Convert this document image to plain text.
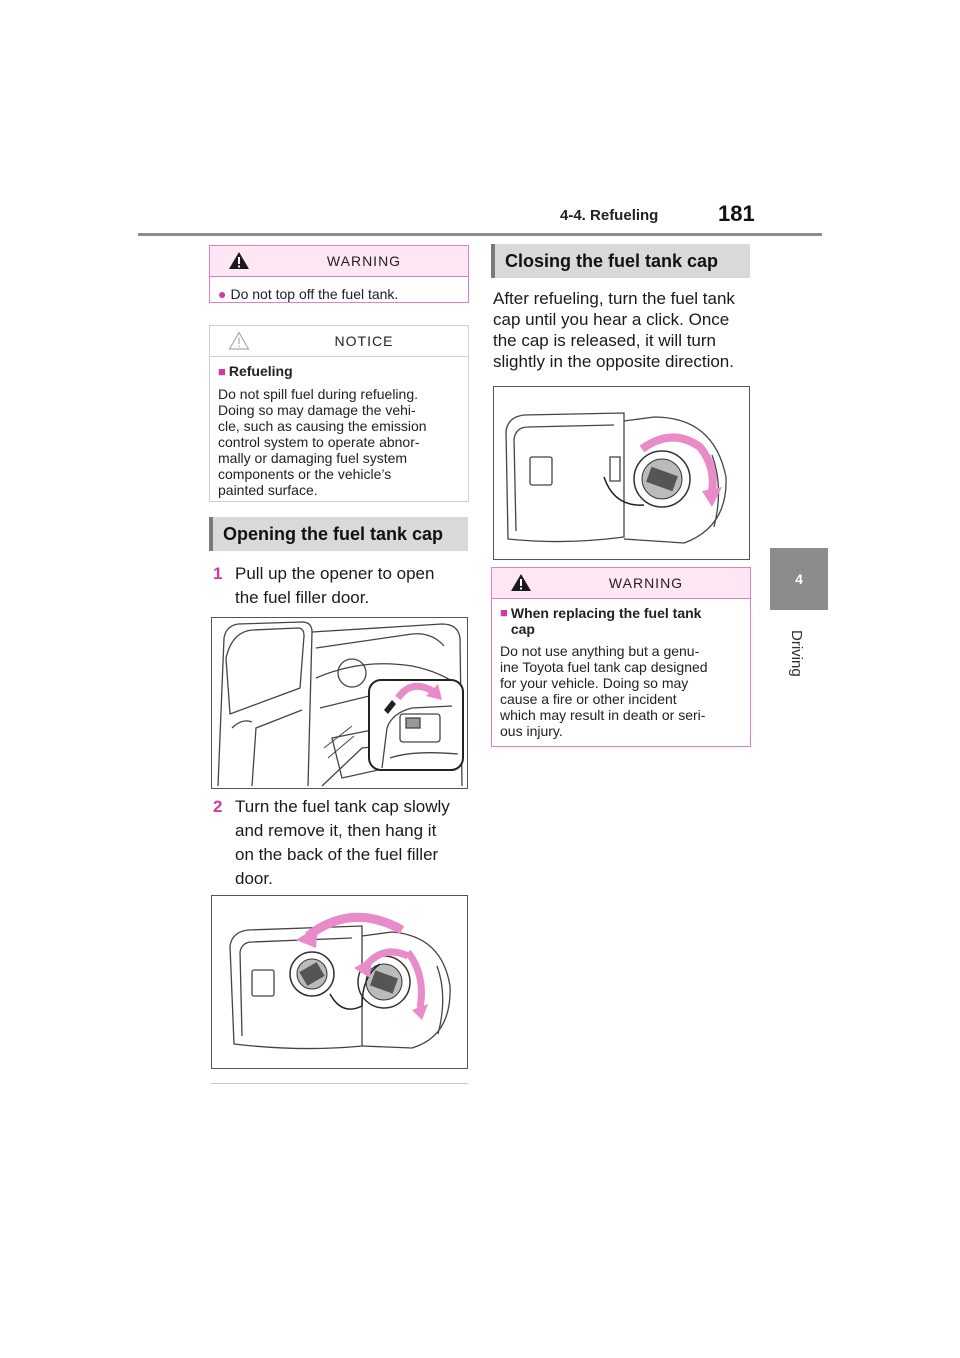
4-4. Refueling	181
4
Driving
WARNING
● Do not top off the fuel tank.
NOTICE
■ Refueling
Do not spill fuel during refueling.
Doing so may damage the vehi-
cle, such as causing the emission
control system to operate abnor-
mally or damaging fuel system
components or the vehicle’s
painted surface.
Opening the fuel tank cap
1 Pull up the opener to open
the fuel filler door.
2 Turn the fuel tank cap slowly
and remove it, then hang it
on the back of the fuel filler
door.
Closing the fuel tank cap
After refueling, turn the fuel tank
cap until you hear a click. Once
the cap is released, it will turn
slightly in the opposite direction.
WARNING
■ When replacing the fuel tank
cap
Do not use anything but a genu-
ine Toyota fuel tank cap designed
for your vehicle. Doing so may
cause a fire or other incident
which may result in death or seri-
ous injury.
